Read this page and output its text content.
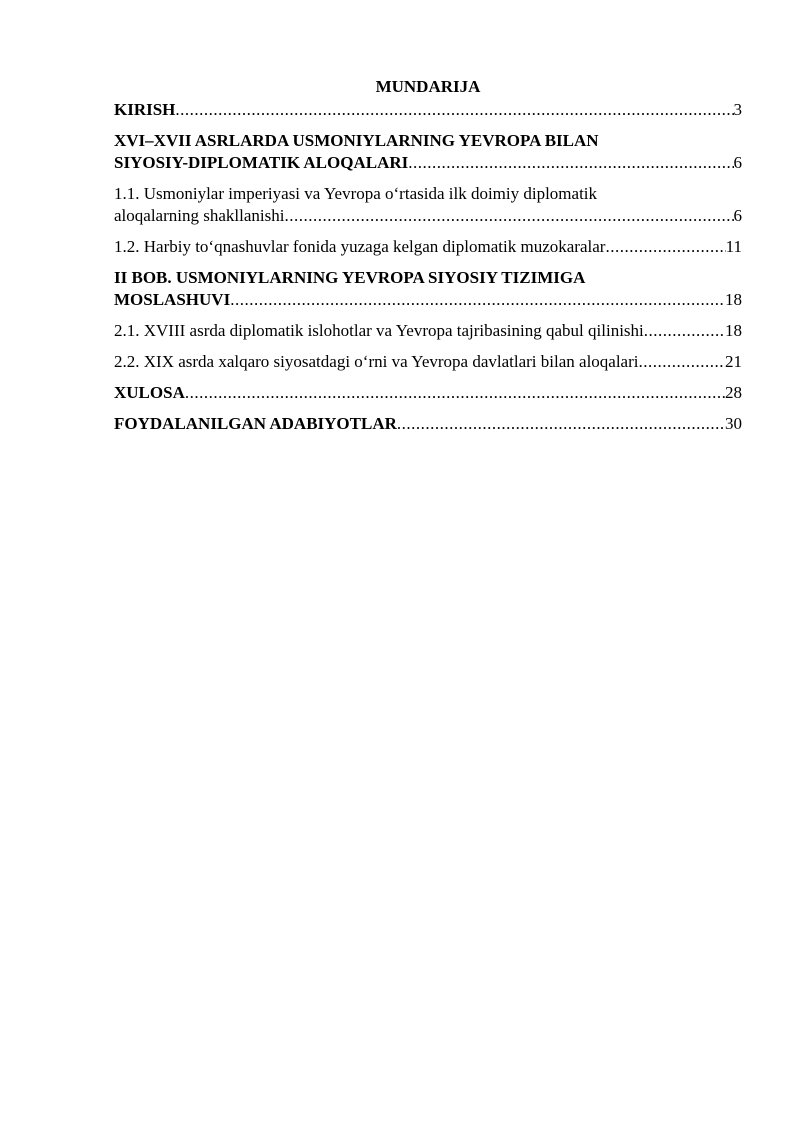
MUNDARIJA
KIRISH .....	3
XVI–XVII ASRLARDA USMONIYLARNING YEVROPA BILAN
SIYOSIY-DIPLOMATIK ALOQALARI .....	6
1.1. Usmoniylar imperiyasi va Yevropa o‘rtasida ilk doimiy diplomatik
aloqalarning shakllanishi .....	6
1.2. Harbiy to‘qnashuvlar fonida yuzaga kelgan diplomatik muzokaralar .....	11
II BOB. USMONIYLARNING YEVROPA SIYOSIY TIZIMIGA
MOSLASHUVI .....	18
2.1. XVIII asrda diplomatik islohotlar va Yevropa tajribasining qabul qilinishi .....	18
2.2. XIX asrda xalqaro siyosatdagi o‘rni va Yevropa davlatlari bilan aloqalari .....	21
XULOSA .....	28
FOYDALANILGAN ADABIYOTLAR .....	30
